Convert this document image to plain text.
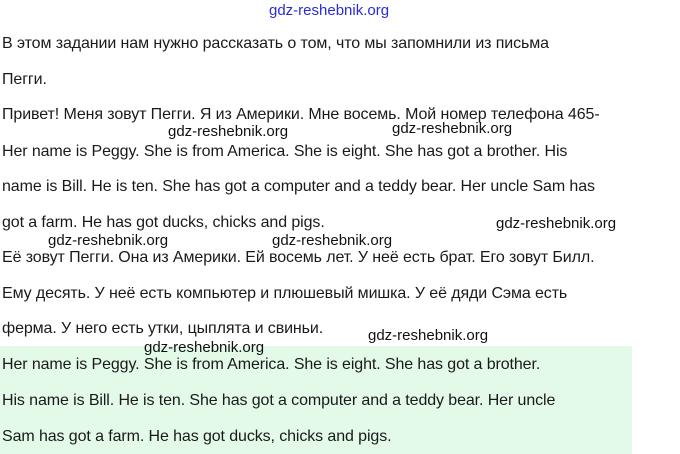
gdz-reshebnik.org

В этом задании нам нужно рассказать о том, что мы запомнили из письма

Пегги.

Привет! Меня зовут Пегги. Я из Америки. Мне восемь. Мой номер телефона 465-

gdz-reshebnik.org	gdz-reshebnik.org

Her name is Peggy. She is from America. She is eight. She has got a brother. His

name is Bill. He is ten. She has got a computer and a teddy bear. Her uncle Sam has

got a farm. He has got ducks, chicks and pigs.	gdz-reshebnik.org

gdz-reshebnik.org	gdz-reshebnik.org

Её зовут Пегги. Она из Америки. Ей восемь лет. У неё есть брат. Его зовут Билл.

Ему десять. У неё есть компьютер и плюшевый мишка. У её дяди Сэма есть

ферма. У него есть утки, цыплята и свиньи.	gdz-reshebnik.org

gdz-reshebnik.org

Her name is Peggy. She is from America. She is eight. She has got a brother.

His name is Bill. He is ten. She has got a computer and a teddy bear. Her uncle

Sam has got a farm. He has got ducks, chicks and pigs.
